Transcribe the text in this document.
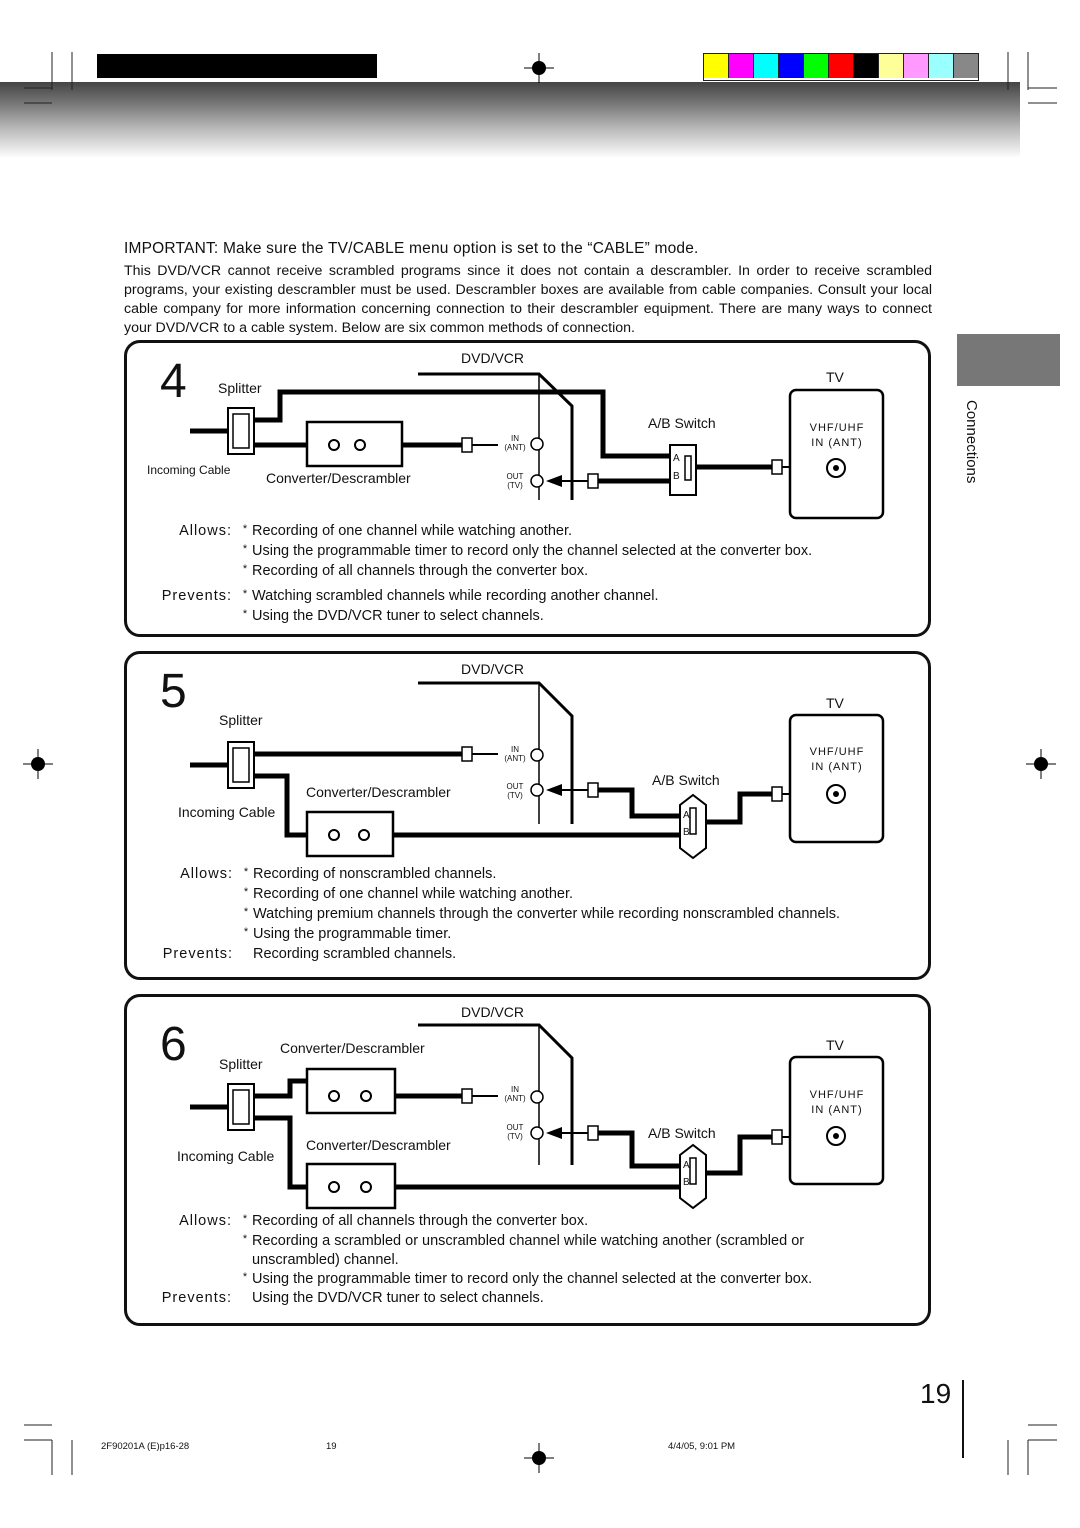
IMPORTANT: Make sure the TV/CABLE menu option is set to the “CABLE” mode.
This DVD/VCR cannot receive scrambled programs since it does not contain a descrambler. In order to receive scrambled programs, your existing descrambler must be used. Descrambler boxes are available from cable companies. Consult your local cable company for more information concerning connection to their descrambler equipment. There are many ways to connect your DVD/VCR to a cable system. Below are six common methods of connection.
Connections
4	DVD/VCR
TV
Splitter
Incoming Cable	Converter/Descrambler
A/B Switch
IN
(ANT)
OUT
(TV)
VHF/UHF
IN (ANT)
A
B
Allows: * Recording of one channel while watching another.
* Using the programmable timer to record only the channel selected at the converter box.
* Recording of all channels through the converter box.
Prevents: * Watching scrambled channels while recording another channel.
* Using the DVD/VCR tuner to select channels.
5	DVD/VCR
TV
Splitter
Incoming Cable
Converter/Descrambler
A/B Switch
IN
(ANT)
OUT
(TV)
VHF/UHF
IN (ANT)
A
B
Allows: * Recording of nonscrambled channels.
* Recording of one channel while watching another.
* Watching premium channels through the converter while recording nonscrambled channels.
* Using the programmable timer.
Prevents:	Recording scrambled channels.
6
DVD/VCR
TV
Splitter
Incoming Cable
Converter/Descrambler
Converter/Descrambler
A/B Switch
IN
(ANT)
OUT
(TV)
VHF/UHF
IN (ANT)
A
B
Allows: * Recording of all channels through the converter box.
* Recording a scrambled or unscrambled channel while watching another (scrambled or
unscrambled) channel.
* Using the programmable timer to record only the channel selected at the converter box.
Prevents:	Using the DVD/VCR tuner to select channels.
19
2F90201A (E)p16-28	19	4/4/05, 9:01 PM
